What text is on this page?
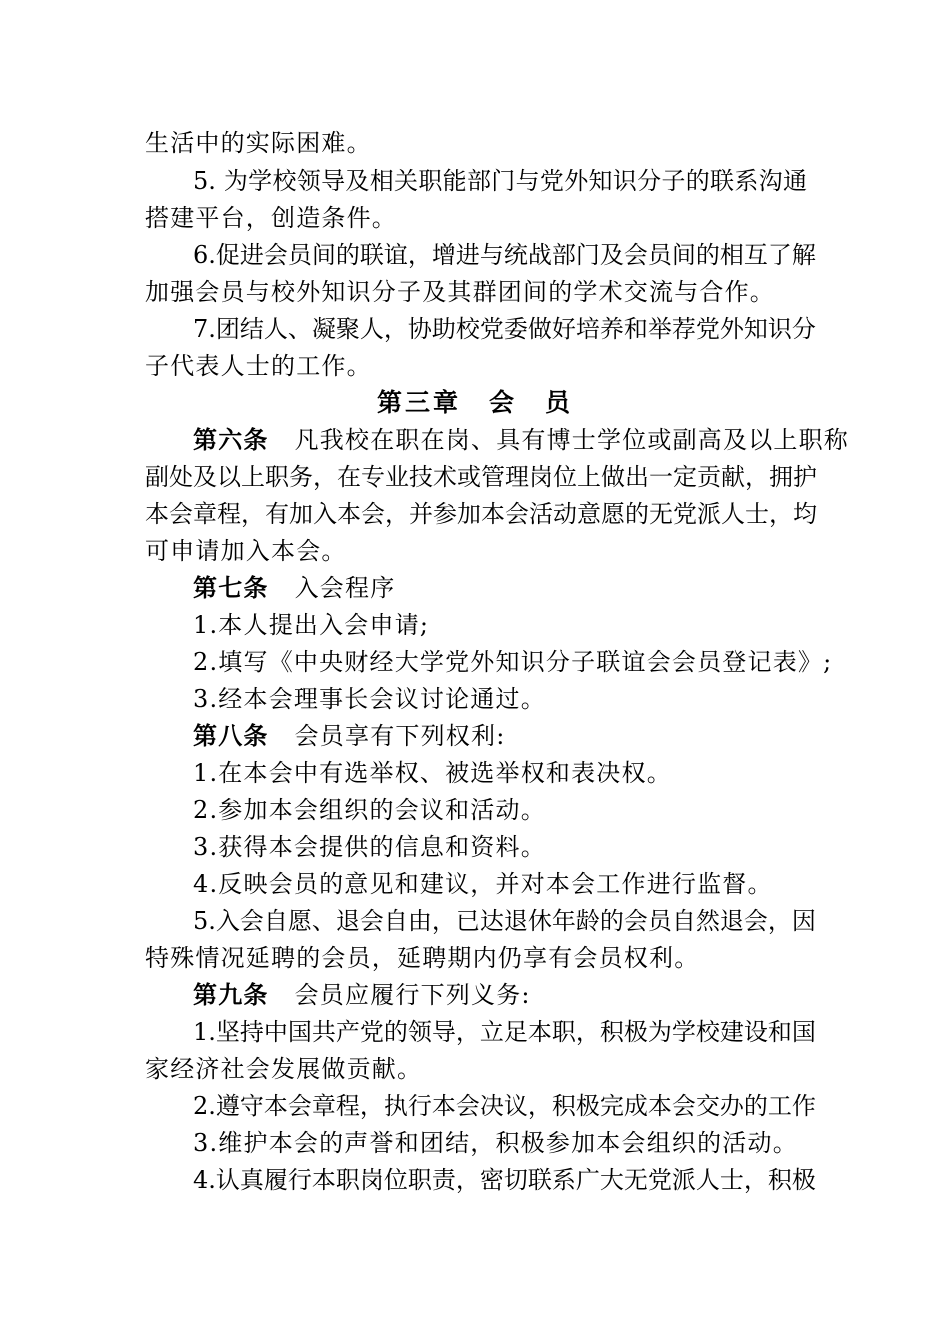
生活中的实际困难。
5. 为学校领导及相关职能部门与党外知识分子的联系沟通
搭建平台，创造条件。
6.促进会员间的联谊，增进与统战部门及会员间的相互了解
加强会员与校外知识分子及其群团间的学术交流与合作。
7.团结人、凝聚人，协助校党委做好培养和举荐党外知识分
子代表人士的工作。
第三章　会　员
第六条 凡我校在职在岗、具有博士学位或副高及以上职称
副处及以上职务，在专业技术或管理岗位上做出一定贡献，拥护
本会章程，有加入本会，并参加本会活动意愿的无党派人士，均
可申请加入本会。
第七条 入会程序
1.本人提出入会申请;
2.填写《中央财经大学党外知识分子联谊会会员登记表》;
3.经本会理事长会议讨论通过。
第八条 会员享有下列权利:
1.在本会中有选举权、被选举权和表决权。
2.参加本会组织的会议和活动。
3.获得本会提供的信息和资料。
4.反映会员的意见和建议，并对本会工作进行监督。
5.入会自愿、退会自由，已达退休年龄的会员自然退会，因
特殊情况延聘的会员，延聘期内仍享有会员权利。
第九条 会员应履行下列义务:
1.坚持中国共产党的领导，立足本职，积极为学校建设和国
家经济社会发展做贡献。
2.遵守本会章程，执行本会决议，积极完成本会交办的工作
3.维护本会的声誉和团结，积极参加本会组织的活动。
4.认真履行本职岗位职责，密切联系广大无党派人士，积极
